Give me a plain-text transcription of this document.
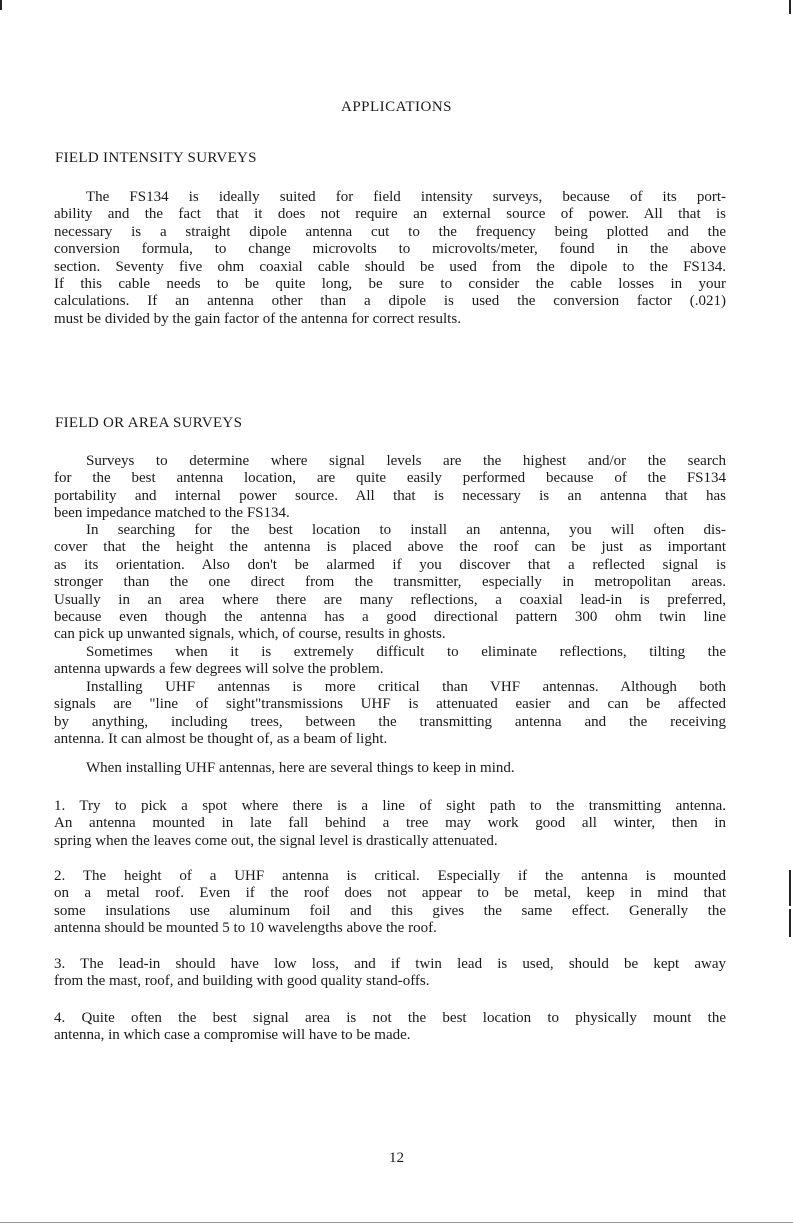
APPLICATIONS
FIELD INTENSITY SURVEYS
The FS134 is ideally suited for field intensity surveys, because of its port-
ability and the fact that it does not require an external source of power. All that is
necessary is a straight dipole antenna cut to the frequency being plotted and the
conversion formula, to change microvolts to microvolts/meter, found in the above
section. Seventy five ohm coaxial cable should be used from the dipole to the FS134.
If this cable needs to be quite long, be sure to consider the cable losses in your
calculations. If an antenna other than a dipole is used the conversion factor (.021)
must be divided by the gain factor of the antenna for correct results.
FIELD OR AREA SURVEYS
Surveys to determine where signal levels are the highest and/or the search
for the best antenna location, are quite easily performed because of the FS134
portability and internal power source. All that is necessary is an antenna that has
been impedance matched to the FS134.
In searching for the best location to install an antenna, you will often dis-
cover that the height the antenna is placed above the roof can be just as important
as its orientation. Also don't be alarmed if you discover that a reflected signal is
stronger than the one direct from the transmitter, especially in metropolitan areas.
Usually in an area where there are many reflections, a coaxial lead-in is preferred,
because even though the antenna has a good directional pattern 300 ohm twin line
can pick up unwanted signals, which, of course, results in ghosts.
Sometimes when it is extremely difficult to eliminate reflections, tilting the
antenna upwards a few degrees will solve the problem.
Installing UHF antennas is more critical than VHF antennas. Although both
signals are "line of sight"transmissions UHF is attenuated easier and can be affected
by anything, including trees, between the transmitting antenna and the receiving
antenna. It can almost be thought of, as a beam of light.
When installing UHF antennas, here are several things to keep in mind.
1. Try to pick a spot where there is a line of sight path to the transmitting antenna.
An antenna mounted in late fall behind a tree may work good all winter, then in
spring when the leaves come out, the signal level is drastically attenuated.
2. The height of a UHF antenna is critical. Especially if the antenna is mounted
on a metal roof. Even if the roof does not appear to be metal, keep in mind that
some insulations use aluminum foil and this gives the same effect. Generally the
antenna should be mounted 5 to 10 wavelengths above the roof.
3. The lead-in should have low loss, and if twin lead is used, should be kept away
from the mast, roof, and building with good quality stand-offs.
4. Quite often the best signal area is not the best location to physically mount the
antenna, in which case a compromise will have to be made.
12
